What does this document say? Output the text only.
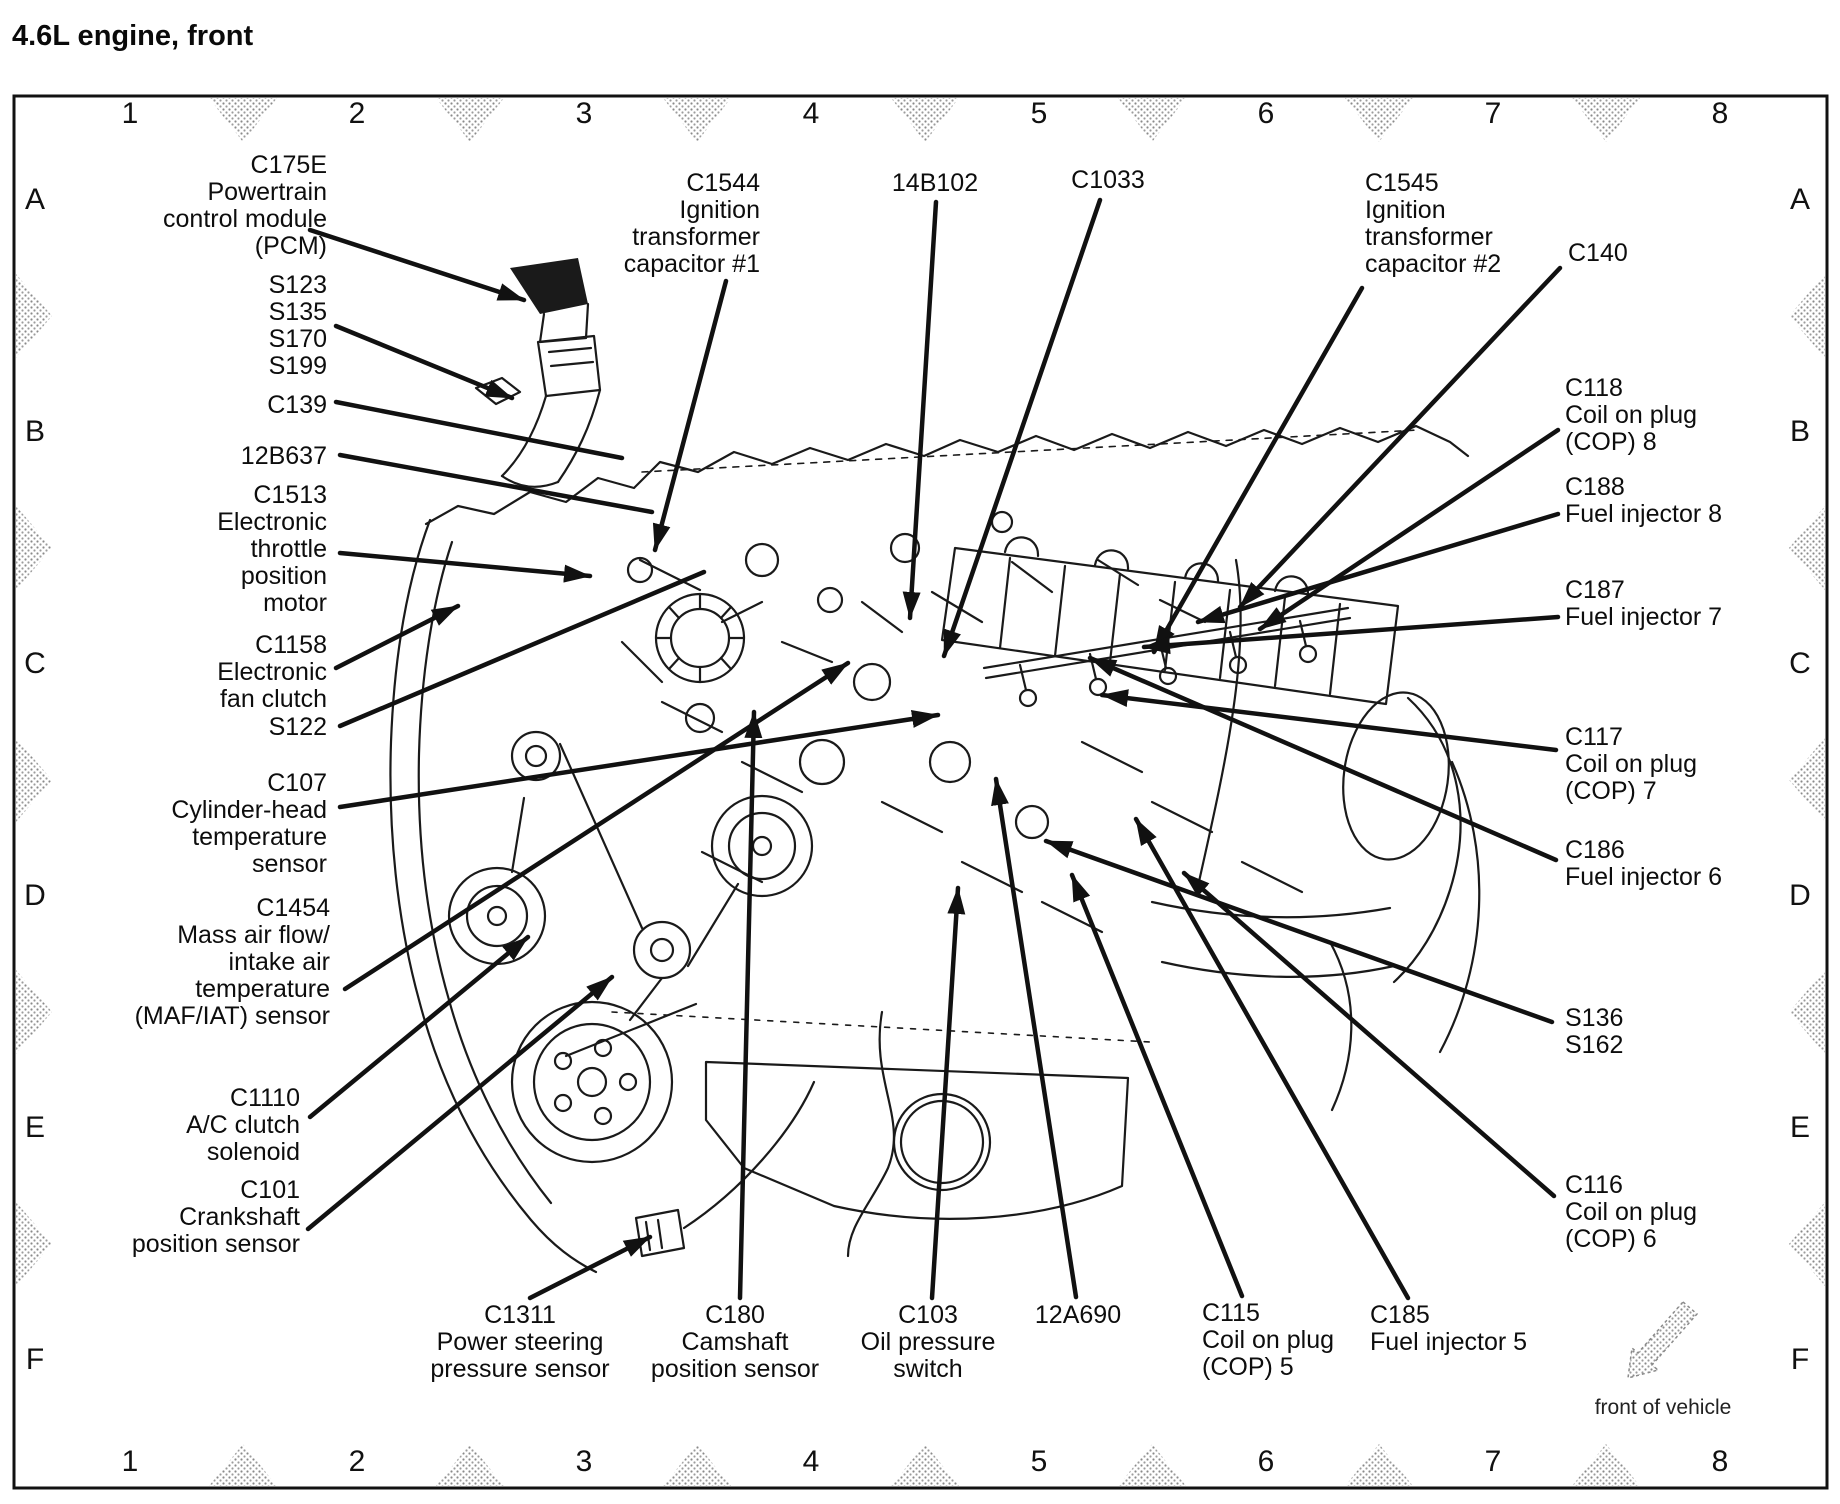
4.6L engine, front
1
1
2
2
3
3
4
4
5
5
6
6
7
7
8
8
A	A
B	B
C	C
D	D
E	E
F	F
C175E
Powertrain
control module
(PCM)
S123
S135
S170
S199
C139
12B637
C1513
Electronic
throttle
position
motor
C1158
Electronic
fan clutch
S122
C107
Cylinder-head
temperature
sensor
C1454
Mass air flow/
intake air
temperature
(MAF/IAT) sensor
C1110
A/C clutch
solenoid
C101
Crankshaft
position sensor
C1544
Ignition
transformer
capacitor #1
14B102	C1033	C1545
Ignition
transformer
capacitor #2	C140
C118
Coil on plug
(COP) 8
C188
Fuel injector 8
C187
Fuel injector 7
C117
Coil on plug
(COP) 7
C186
Fuel injector 6
S136
S162
C116
Coil on plug
(COP) 6
C1311
Power steering
pressure sensor
C180
Camshaft
position sensor
C103
Oil pressure
switch
12A690	C115
Coil on plug
(COP) 5
C185
Fuel injector 5
front of vehicle
